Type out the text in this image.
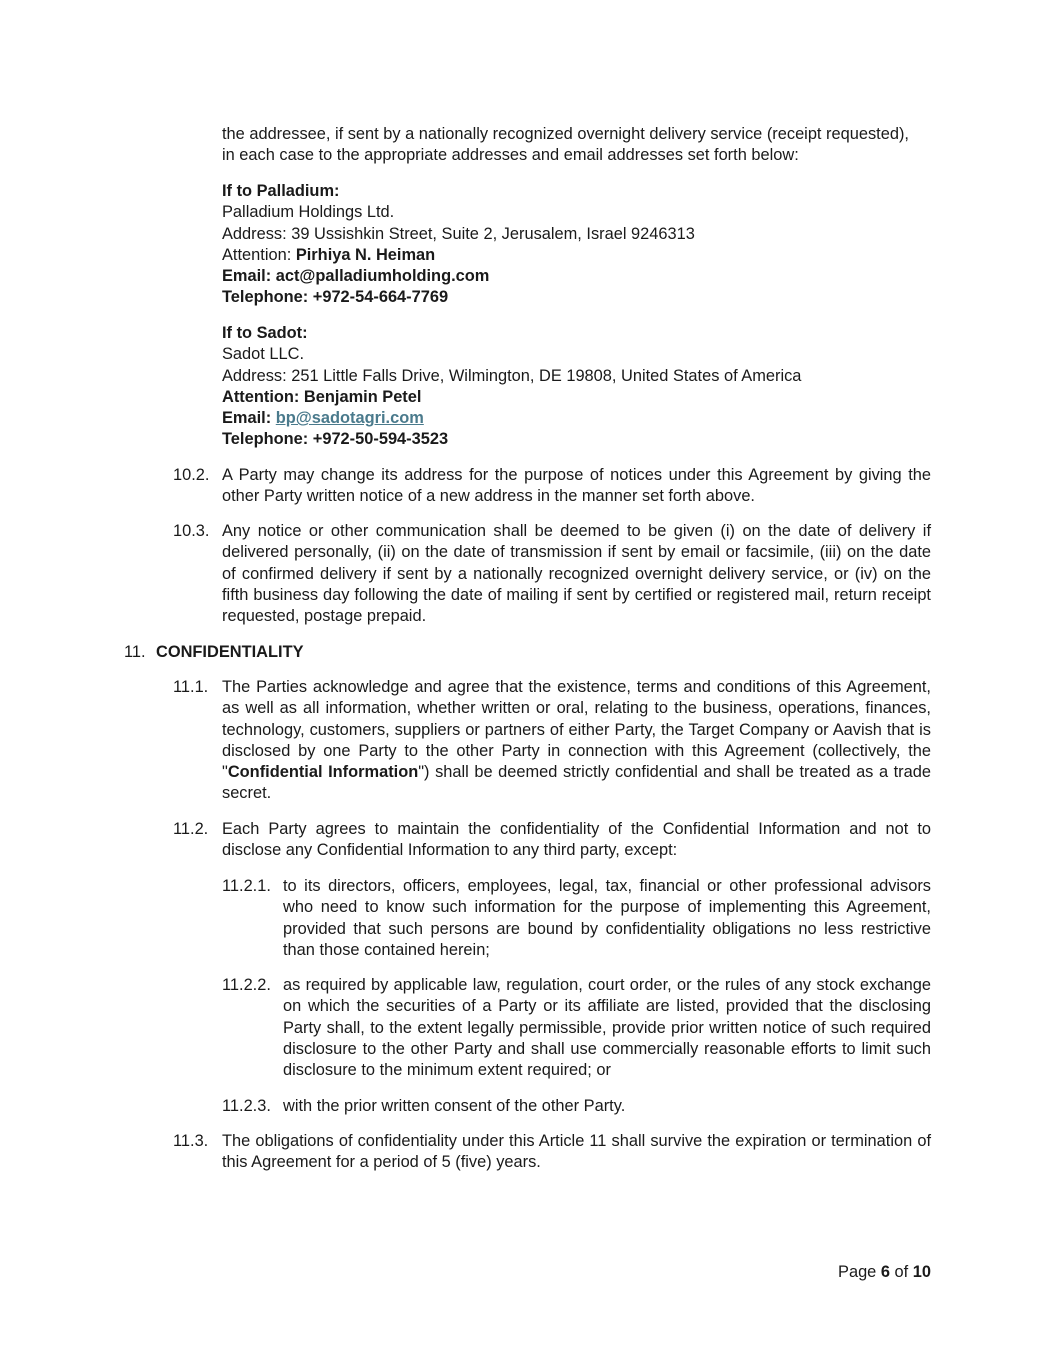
the addressee, if sent by a nationally recognized overnight delivery service (receipt requested),
in each case to the appropriate addresses and email addresses set forth below:
If to Palladium:
Palladium Holdings Ltd.
Address: 39 Ussishkin Street, Suite 2, Jerusalem, Israel 9246313
Attention: Pirhiya N. Heiman
Email: act@palladiumholding.com
Telephone: +972-54-664-7769
If to Sadot:
Sadot LLC.
Address: 251 Little Falls Drive, Wilmington, DE 19808, United States of America
Attention: Benjamin Petel
Email: bp@sadotagri.com
Telephone: +972-50-594-3523
10.2. A Party may change its address for the purpose of notices under this Agreement by giving the other Party written notice of a new address in the manner set forth above.

10.3. Any notice or other communication shall be deemed to be given (i) on the date of delivery if delivered personally, (ii) on the date of transmission if sent by email or facsimile, (iii) on the date of confirmed delivery if sent by a nationally recognized overnight delivery service, or (iv) on the fifth business day following the date of mailing if sent by certified or registered mail, return receipt requested, postage prepaid.

11. CONFIDENTIALITY
11.1. The Parties acknowledge and agree that the existence, terms and conditions of this Agreement, as well as all information, whether written or oral, relating to the business, operations, finances, technology, customers, suppliers or partners of either Party, the Target Company or Aavish that is disclosed by one Party to the other Party in connection with this Agreement (collectively, the "Confidential Information") shall be deemed strictly confidential and shall be treated as a trade secret.

11.2. Each Party agrees to maintain the confidentiality of the Confidential Information and not to disclose any Confidential Information to any third party, except:

11.2.1. to its directors, officers, employees, legal, tax, financial or other professional advisors who need to know such information for the purpose of implementing this Agreement, provided that such persons are bound by confidentiality obligations no less restrictive than those contained herein;

11.2.2. as required by applicable law, regulation, court order, or the rules of any stock exchange on which the securities of a Party or its affiliate are listed, provided that the disclosing Party shall, to the extent legally permissible, provide prior written notice of such required disclosure to the other Party and shall use commercially reasonable efforts to limit such disclosure to the minimum extent required; or

11.2.3. with the prior written consent of the other Party.

11.3. The obligations of confidentiality under this Article 11 shall survive the expiration or termination of this Agreement for a period of 5 (five) years.

Page 6 of 10
